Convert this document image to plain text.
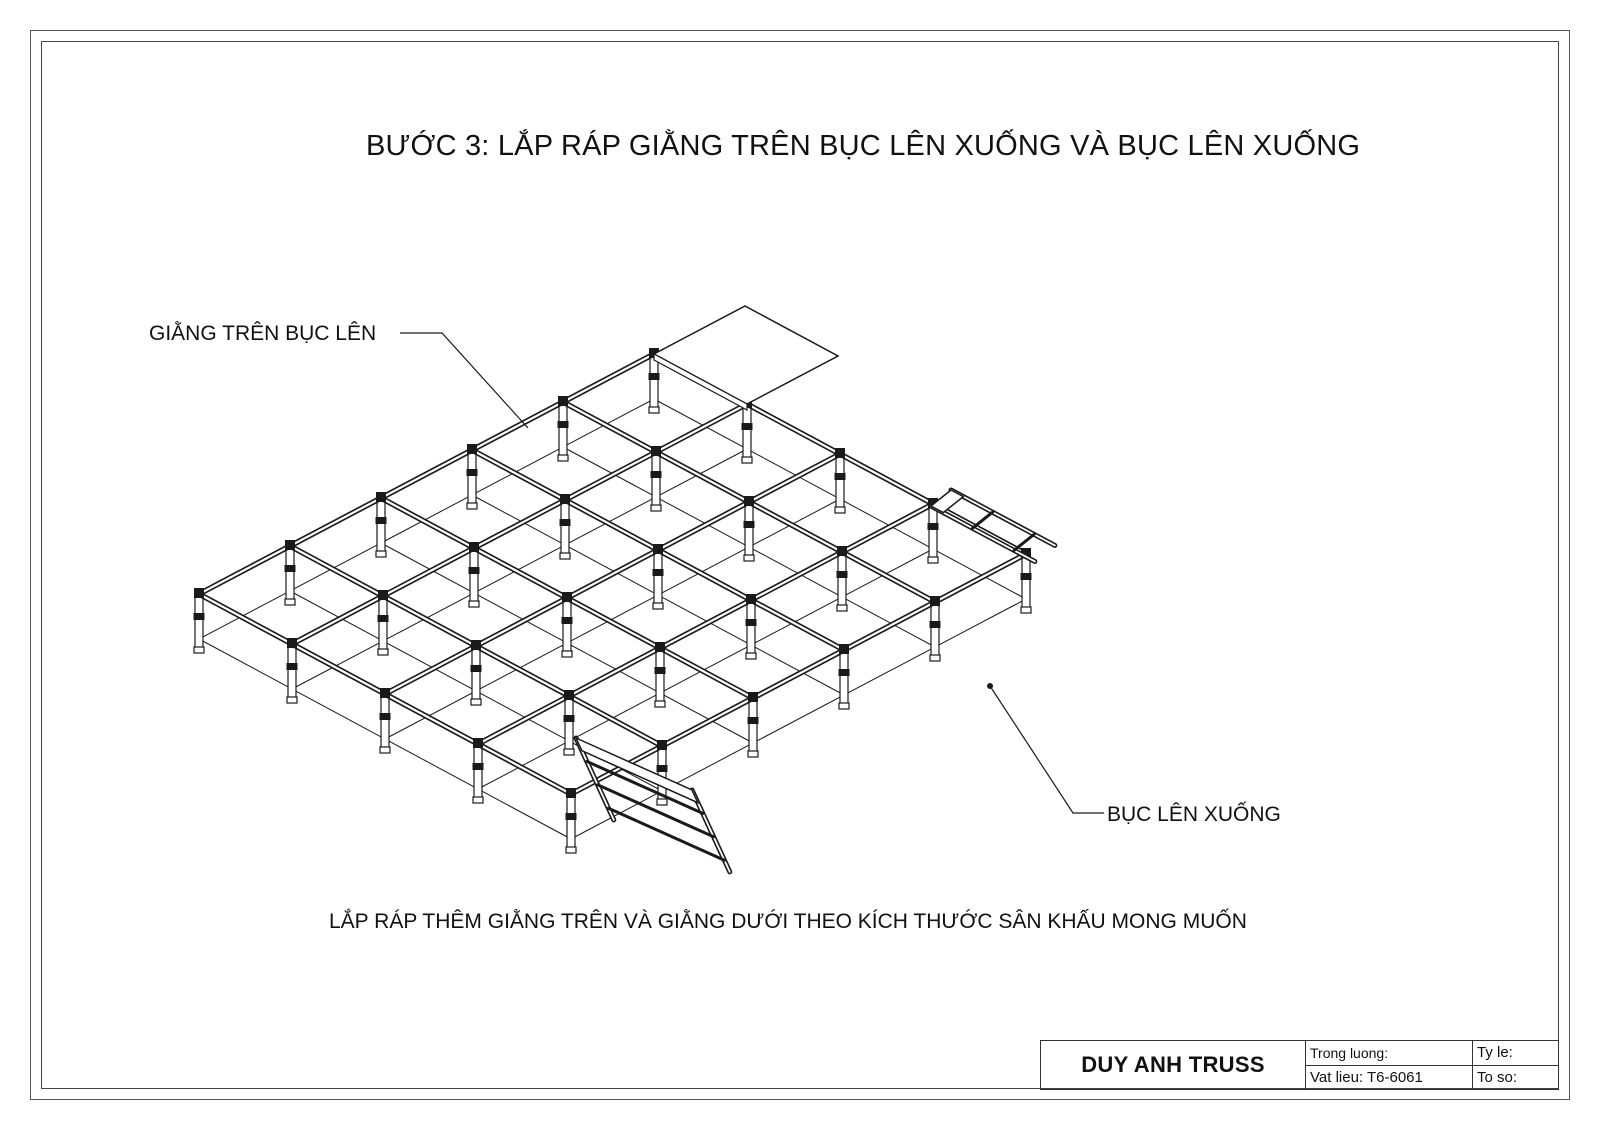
BƯỚC 3: LẮP RÁP GIẰNG TRÊN BỤC LÊN XUỐNG VÀ BỤC LÊN XUỐNG
GIẰNG TRÊN BỤC LÊN
BỤC LÊN XUỐNG
LẮP RÁP THÊM GIẰNG TRÊN VÀ GIẰNG DƯỚI THEO KÍCH THƯỚC SÂN KHẤU MONG MUỐN
DUY ANH TRUSS	Trong luong:
Vat lieu: T6-6061
Ty le:
To so:
